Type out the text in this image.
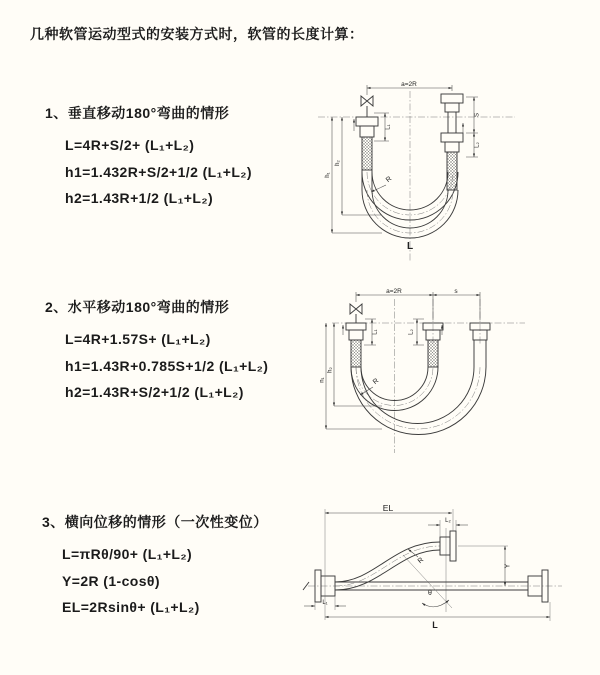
几种软管运动型式的安装方式时，软管的长度计算：
1、垂直移动180°弯曲的情形

L=4R+S/2+ (L₁+L₂)

h1=1.432R+S/2+1/2 (L₁+L₂)

h2=1.43R+1/2 (L₁+L₂)

2、水平移动180°弯曲的情形

L=4R+1.57S+ (L₁+L₂)

h1=1.43R+0.785S+1/2 (L₁+L₂)

h2=1.43R+S/2+1/2 (L₁+L₂)

3、横向位移的情形（一次性变位）

L=πRθ/90+ (L₁+L₂)

Y=2R (1-cosθ)

EL=2Rsinθ+ (L₁+L₂)

a=2R
S
L₂
h₁
h₂
L₁
R
L
a=2R	s
h₁
h₂
L₁	L₂
R
EL
L₂
Y
L
L₁
θ
R
